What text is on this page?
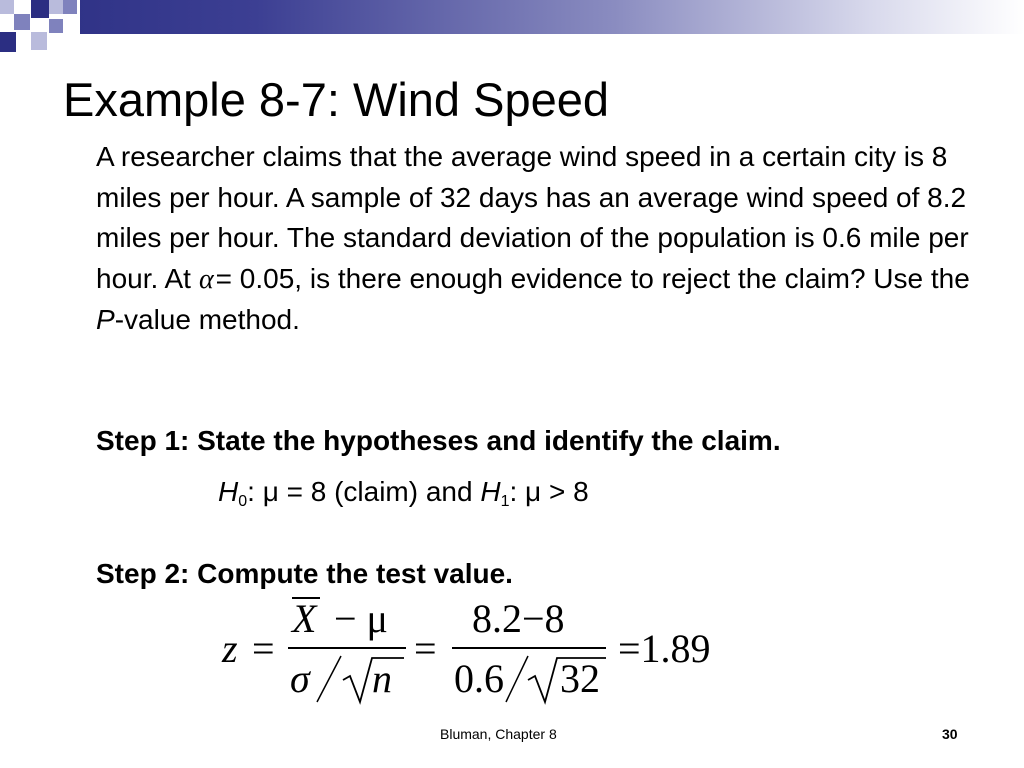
Example 8-7: Wind Speed

A researcher claims that the average wind speed in a certain city is 8 miles per hour. A sample of 32 days has an average wind speed of 8.2 miles per hour. The standard deviation of the population is 0.6 mile per hour. At α= 0.05, is there enough evidence to reject the claim? Use the P-value method.

Step 1: State the hypotheses and identify the claim.
$H_0$: μ = 8 (claim) and $H_1$: μ > 8
Step 2: Compute the test value.
z =
X − μ
σ n
=
8.2−8
0.6 32
=1.89
Bluman, Chapter 8	30
